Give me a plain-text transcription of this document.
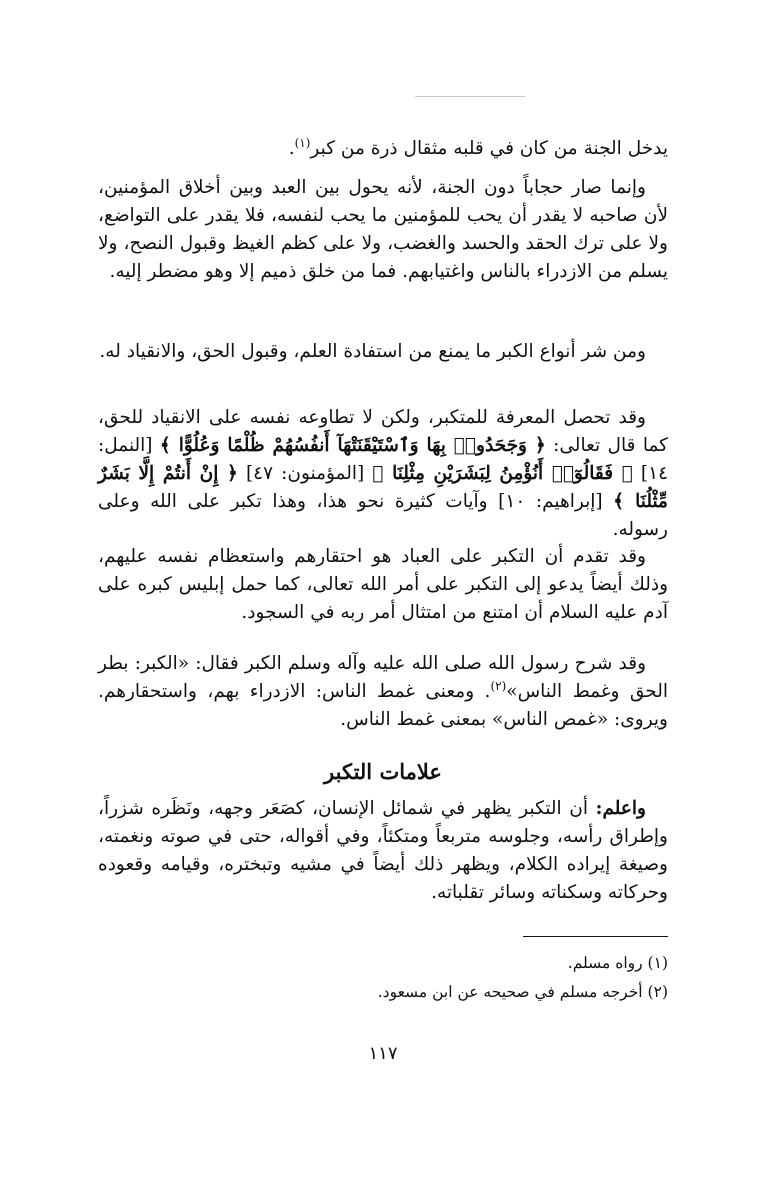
يدخل الجنة من كان في قلبه مثقال ذرة من كبر$^{(١)}$.

وإنما صار حجاباً دون الجنة، لأنه يحول بين العبد وبين أخلاق المؤمنين، لأن صاحبه لا يقدر أن يحب للمؤمنين ما يحب لنفسه، فلا يقدر على التواضع، ولا على ترك الحقد والحسد والغضب، ولا على كظم الغيظ وقبول النصح، ولا يسلم من الازدراء بالناس واغتيابهم. فما من خلق ذميم إلا وهو مضطر إليه.

ومن شر أنواع الكبر ما يمنع من استفادة العلم، وقبول الحق، والانقياد له.

وقد تحصل المعرفة للمتكبر، ولكن لا تطاوعه نفسه على الانقياد للحق، كما قال تعالى: ﴿ وَجَحَدُوا۟ بِهَا وَٱسْتَيْقَنَتْهَآ أَنفُسُهُمْ ظُلْمًا وَعُلُوًّا ﴾ [النمل: ١٤] ﴿ فَقَالُوٓا۟ أَنُؤْمِنُ لِبَشَرَيْنِ مِثْلِنَا ﴾ [المؤمنون: ٤٧] ﴿ إِنْ أَنتُمْ إِلَّا بَشَرٌ مِّثْلُنَا ﴾ [إبراهيم: ١٠] وآيات كثيرة نحو هذا، وهذا تكبر على الله وعلى رسوله.

وقد تقدم أن التكبر على العباد هو احتقارهم واستعظام نفسه عليهم، وذلك أيضاً يدعو إلى التكبر على أمر الله تعالى، كما حمل إبليس كبره على آدم عليه السلام أن امتنع من امتثال أمر ربه في السجود.

وقد شرح رسول الله صلى الله عليه وآله وسلم الكبر فقال: «الكبر: بطر الحق وغمط الناس»$^{(٢)}$. ومعنى غمط الناس: الازدراء بهم، واستحقارهم. ويروى: «غمص الناس» بمعنى غمط الناس.

علامات التكبر

واعلم: أن التكبر يظهر في شمائل الإنسان، كصَعَر وجهه، ونَظَره شزراً، وإطراق رأسه، وجلوسه متربعاً ومتكئاً، وفي أقواله، حتى في صوته ونغمته، وصيغة إيراده الكلام، ويظهر ذلك أيضاً في مشيه وتبختره، وقيامه وقعوده وحركاته وسكناته وسائر تقلباته.

(١) رواه مسلم.

(٢) أخرجه مسلم في صحيحه عن ابن مسعود.

١١٧
